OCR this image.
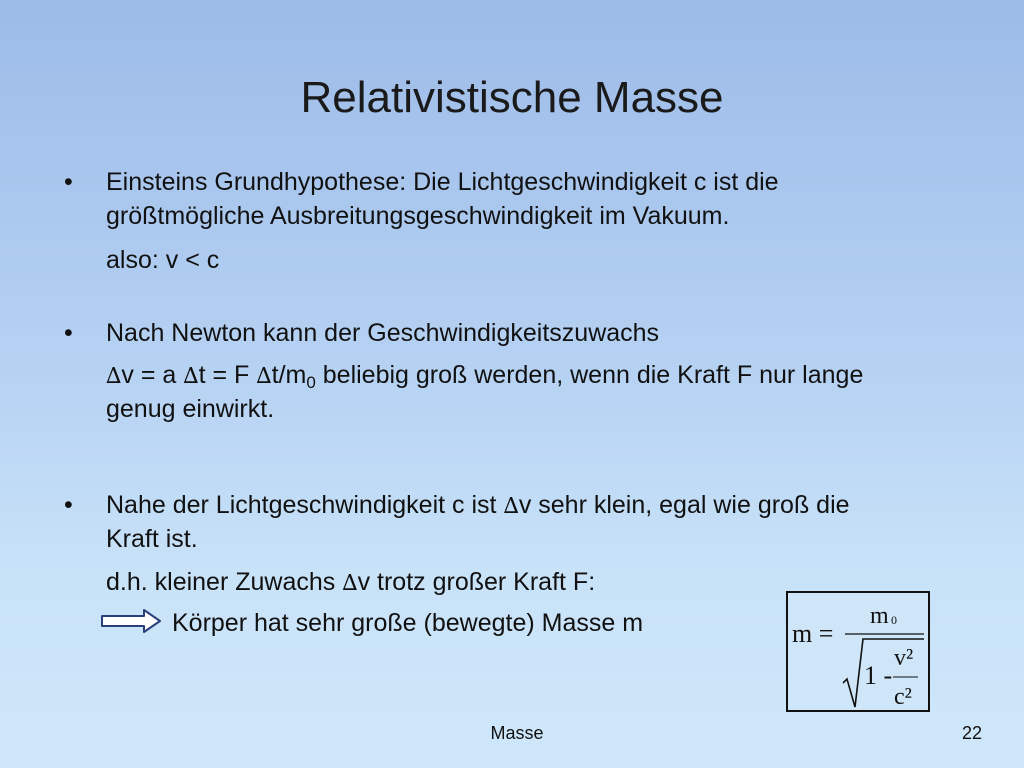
Relativistische Masse
•	Einsteins Grundhypothese: Die Lichtgeschwindigkeit c ist die
größtmögliche Ausbreitungsgeschwindigkeit im Vakuum.
also: v < c
•	Nach Newton kann der Geschwindigkeitszuwachs
∆v = a ∆t = F $\Delta t/m_0$ beliebig groß werden, wenn die Kraft F nur lange
genug einwirkt.
•	Nahe der Lichtgeschwindigkeit c ist ∆v sehr klein, egal wie groß die
Kraft ist.
d.h. kleiner Zuwachs ∆v trotz großer Kraft F:
Körper hat sehr große (bewegte) Masse m	m =
m 0
1 -
v²
c²
Masse	22
